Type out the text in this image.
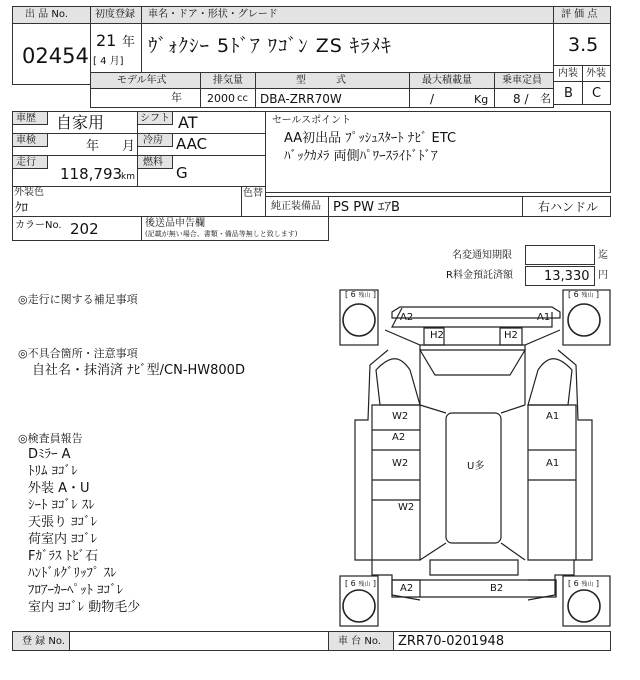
出 品 No.
02454
初度登録
21 年
[ 4 月]
車名・ドア・形状・グレード
ｳﾞｫｸｼｰ 5ﾄﾞｱ ﾜｺﾞﾝ ZS ｷﾗﾒｷ
評 価 点
3.5
内装 外装
B C
モデル年式
年
排気量
2000 cc
型　　　式
DBA-ZRR70W
最大積載量
/	Kg
乗車定員
8 / 名
車歴 自家用	シフト AT
車検	年 月 冷房 AAC
走行
118,793
km
燃料
G
セールスポイント
AA初出品 ﾌﾟｯｼｭｽﾀｰﾄ ﾅﾋﾞ ETC
ﾊﾞｯｸｶﾒﾗ 両側ﾊﾟﾜｰｽﾗｲﾄﾞﾄﾞｱ
外装色
ｸﾛ
色替
純正装備品 PS PW ｴｱB	右ハンドル
カラーNo. 202	後送品申告欄
(記載が無い場合、書類・備品等無しと致します)
名変通知期限	迄
R料金預託済額 13,330 円
◎走行に関する補足事項
◎不具合箇所・注意事項
自社名・抹消済 ﾅﾋﾞ型/CN-HW800D
◎検査員報告
Dﾐﾗｰ A
ﾄﾘﾑ ﾖｺﾞﾚ
外装 A・U
ｼｰﾄ ﾖｺﾞﾚ ｽﾚ
天張り ﾖｺﾞﾚ
荷室内 ﾖｺﾞﾚ
Fｶﾞﾗｽ ﾄﾋﾞ石
ﾊﾝﾄﾞﾙｸﾞﾘｯﾌﾟ ｽﾚ
ﾌﾛｱｰｶｰﾍﾟｯﾄ ﾖｺﾞﾚ
室内 ﾖｺﾞﾚ 動物毛少
[ 6 残山 ]	[ 6 残山 ]
[ 6 残山 ]	[ 6 残山 ]
A2	A1
H2	H2
W2
A2
W2
W2
A1
A1
U多
A2	B2
登 録 No.	車 台 No. ZRR70-0201948
